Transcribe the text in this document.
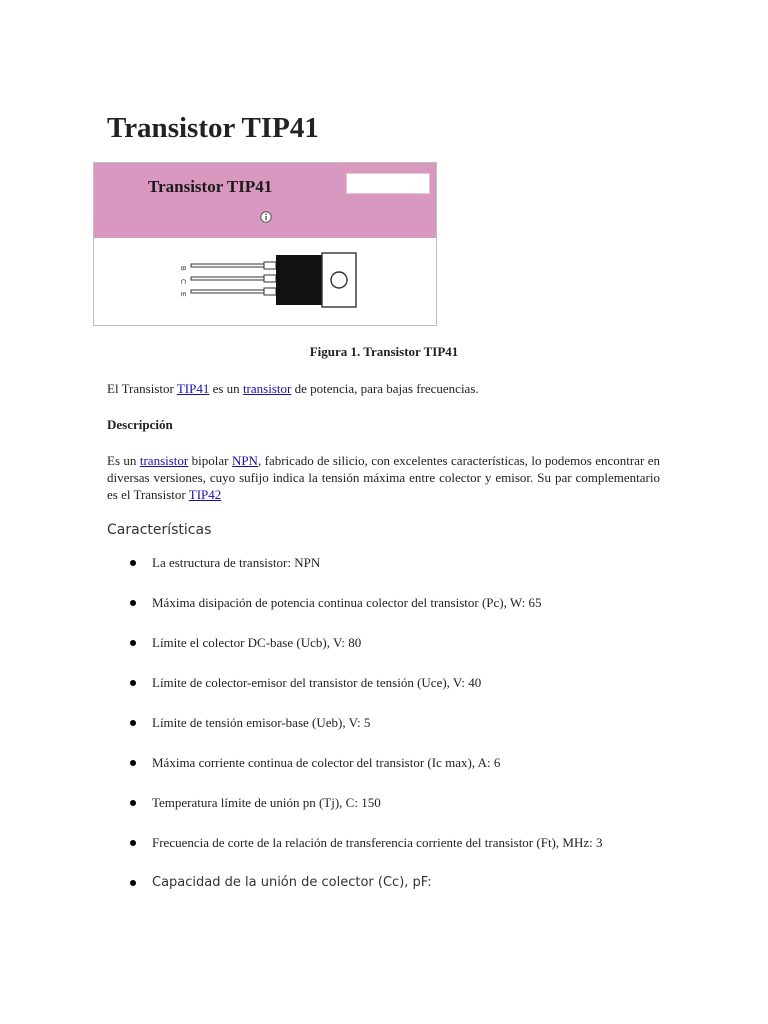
Transistor TIP41
Transistor TIP41
B
C
E
Figura 1. Transistor TIP41

El Transistor TIP41 es un transistor de potencia, para bajas frecuencias.

Descripción

Es un transistor bipolar NPN, fabricado de silicio, con excelentes características, lo podemos encontrar en diversas versiones, cuyo sufijo indica la tensión máxima entre colector y emisor. Su par complementario es el Transistor TIP42

Características
La estructura de transistor: NPN
Máxima disipación de potencia continua colector del transistor (Pc), W: 65
Límite el colector DC-base (Ucb), V: 80
Límite de colector-emisor del transistor de tensión (Uce), V: 40
Límite de tensión emisor-base (Ueb), V: 5
Máxima corriente continua de colector del transistor (Ic max), A: 6
Temperatura límite de unión pn (Tj), C: 150
Frecuencia de corte de la relación de transferencia corriente del transistor (Ft), MHz: 3
Capacidad de la unión de colector (Cc), pF:
